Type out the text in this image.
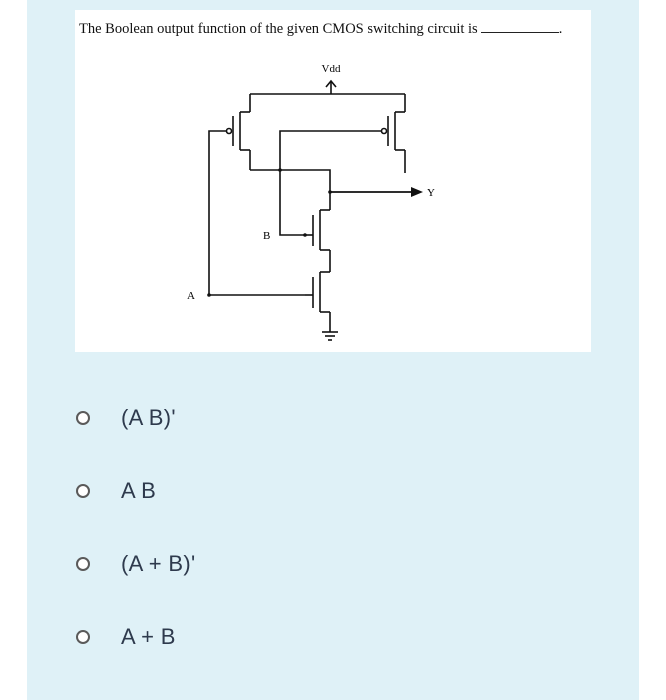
The Boolean output function of the given CMOS switching circuit is	.
Vdd
Y
B
A
(A B)'
A B
(A + B)'
A + B
